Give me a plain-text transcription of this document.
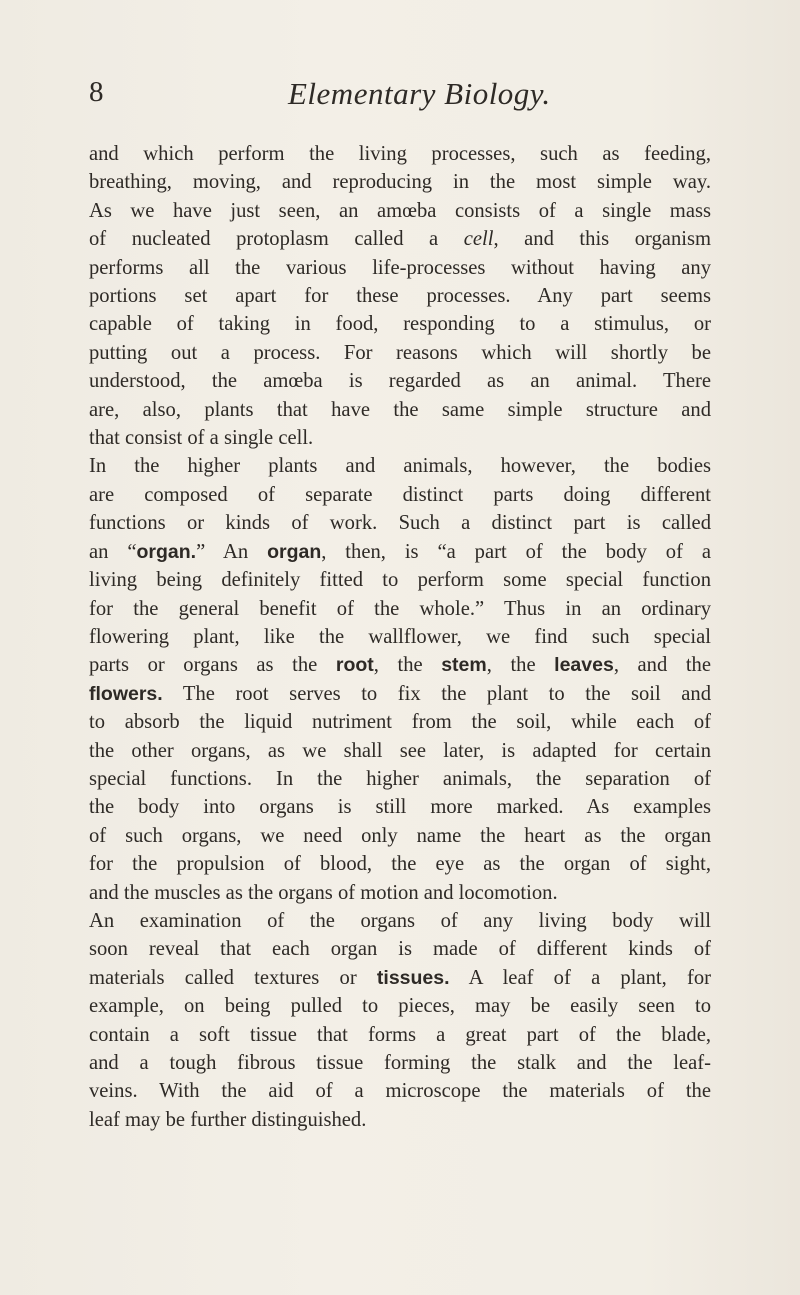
8	Elementary Biology.
and which perform the living processes, such as feeding,
breathing, moving, and reproducing in the most simple way.
As we have just seen, an amœba consists of a single mass
of nucleated protoplasm called a cell, and this organism
performs all the various life-processes without having any
portions set apart for these processes. Any part seems
capable of taking in food, responding to a stimulus, or
putting out a process. For reasons which will shortly be
understood, the amœba is regarded as an animal. There
are, also, plants that have the same simple structure and
that consist of a single cell.
In the higher plants and animals, however, the bodies
are composed of separate distinct parts doing different
functions or kinds of work. Such a distinct part is called
an “organ.” An organ, then, is “a part of the body of a
living being definitely fitted to perform some special function
for the general benefit of the whole.” Thus in an ordinary
flowering plant, like the wallflower, we find such special
parts or organs as the root, the stem, the leaves, and the
flowers. The root serves to fix the plant to the soil and
to absorb the liquid nutriment from the soil, while each of
the other organs, as we shall see later, is adapted for certain
special functions. In the higher animals, the separation of
the body into organs is still more marked. As examples
of such organs, we need only name the heart as the organ
for the propulsion of blood, the eye as the organ of sight,
and the muscles as the organs of motion and locomotion.
An examination of the organs of any living body will
soon reveal that each organ is made of different kinds of
materials called textures or tissues. A leaf of a plant, for
example, on being pulled to pieces, may be easily seen to
contain a soft tissue that forms a great part of the blade,
and a tough fibrous tissue forming the stalk and the leaf-
veins. With the aid of a microscope the materials of the
leaf may be further distinguished.
